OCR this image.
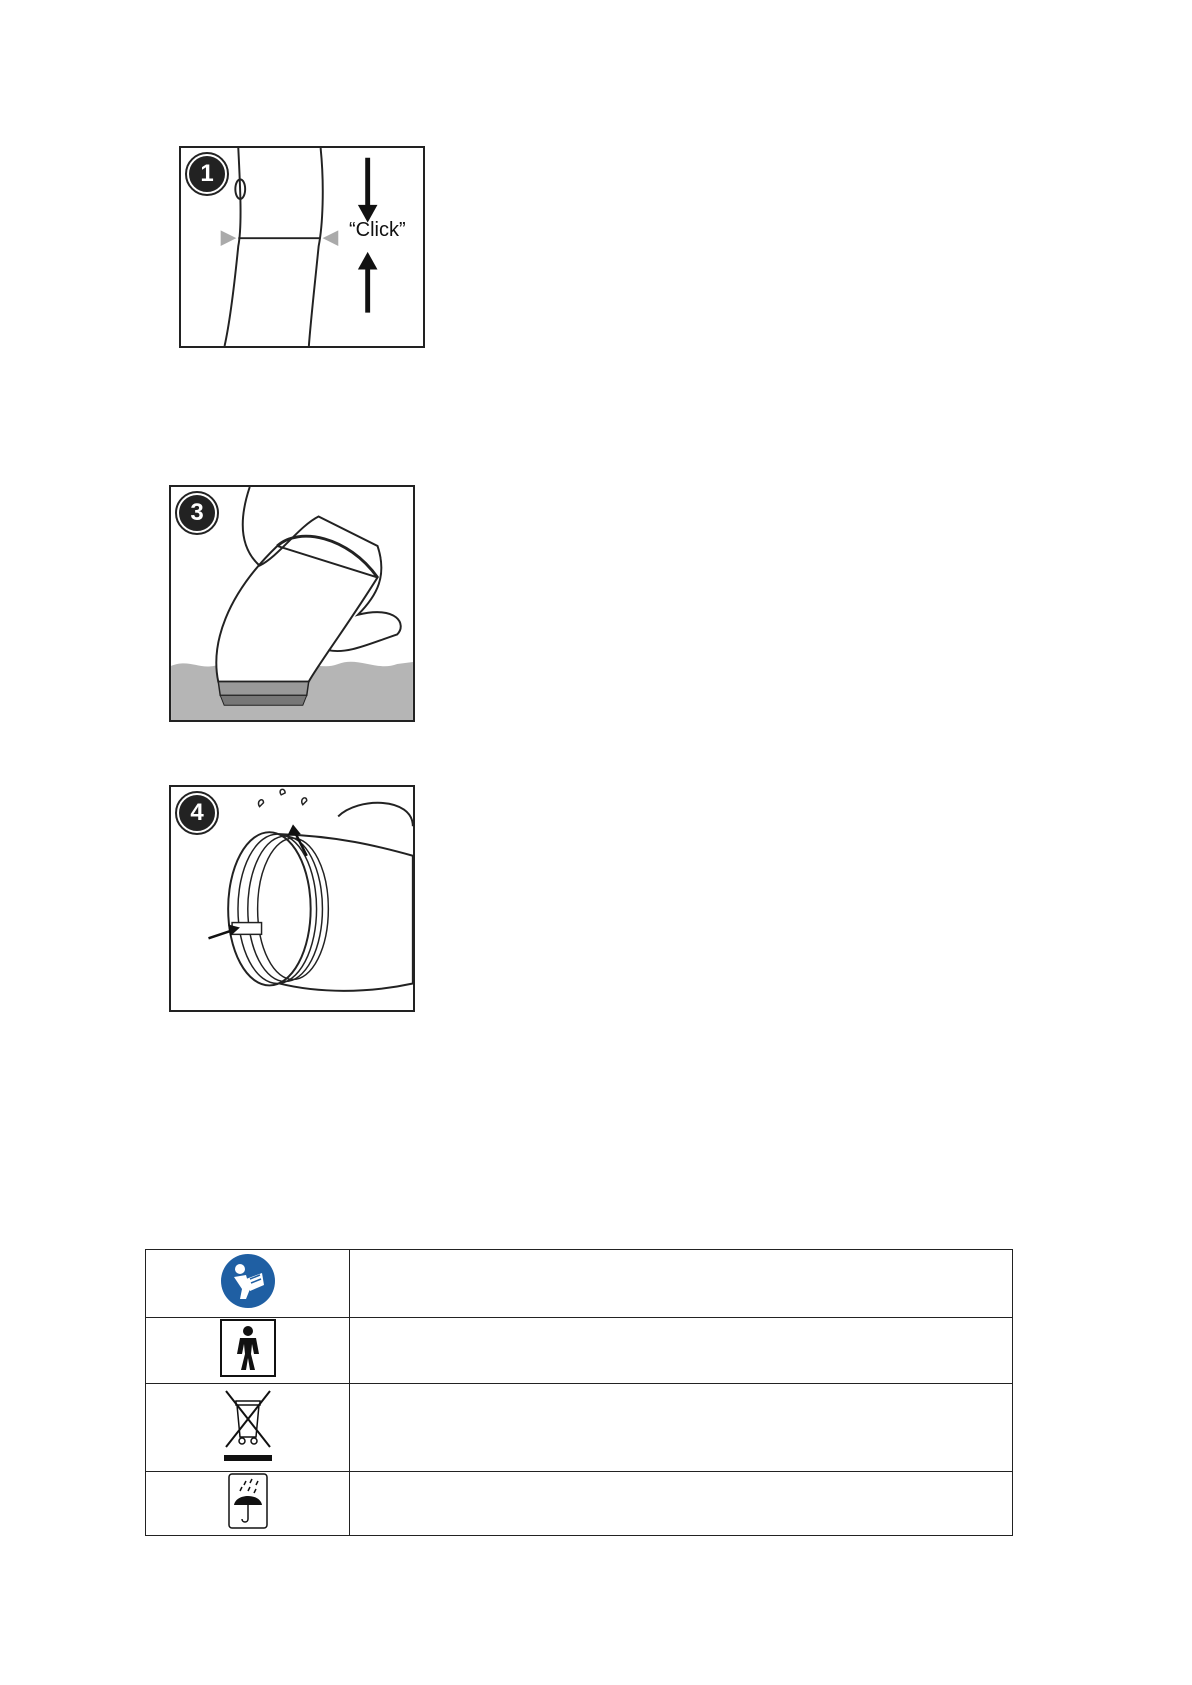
1
“Click”
3
4
